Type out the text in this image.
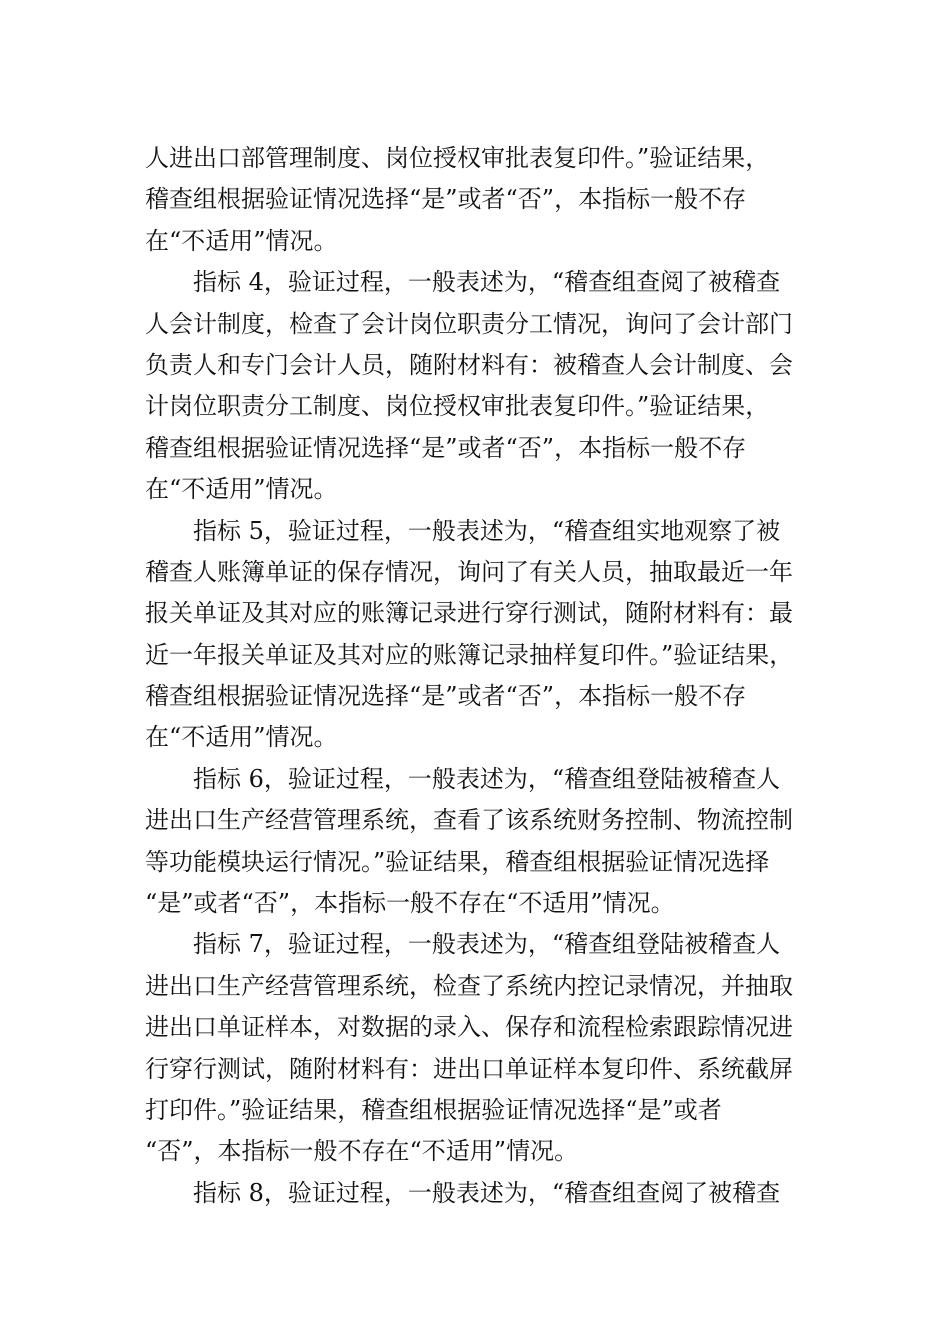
人进出口部管理制度、岗位授权审批表复印件。”验证结果，
稽查组根据验证情况选择“是”或者“否”，本指标一般不存
在“不适用”情况。
指标 4，验证过程，一般表述为，“稽查组查阅了被稽查
人会计制度，检查了会计岗位职责分工情况，询问了会计部门
负责人和专门会计人员，随附材料有：被稽查人会计制度、会
计岗位职责分工制度、岗位授权审批表复印件。”验证结果，
稽查组根据验证情况选择“是”或者“否”，本指标一般不存
在“不适用”情况。
指标 5，验证过程，一般表述为，“稽查组实地观察了被
稽查人账簿单证的保存情况，询问了有关人员，抽取最近一年
报关单证及其对应的账簿记录进行穿行测试，随附材料有：最
近一年报关单证及其对应的账簿记录抽样复印件。”验证结果，
稽查组根据验证情况选择“是”或者“否”，本指标一般不存
在“不适用”情况。
指标 6，验证过程，一般表述为，“稽查组登陆被稽查人
进出口生产经营管理系统，查看了该系统财务控制、物流控制
等功能模块运行情况。”验证结果，稽查组根据验证情况选择
“是”或者“否”，本指标一般不存在“不适用”情况。
指标 7，验证过程，一般表述为，“稽查组登陆被稽查人
进出口生产经营管理系统，检查了系统内控记录情况，并抽取
进出口单证样本，对数据的录入、保存和流程检索跟踪情况进
行穿行测试，随附材料有：进出口单证样本复印件、系统截屏
打印件。”验证结果，稽查组根据验证情况选择“是”或者
“否”，本指标一般不存在“不适用”情况。
指标 8，验证过程，一般表述为，“稽查组查阅了被稽查
